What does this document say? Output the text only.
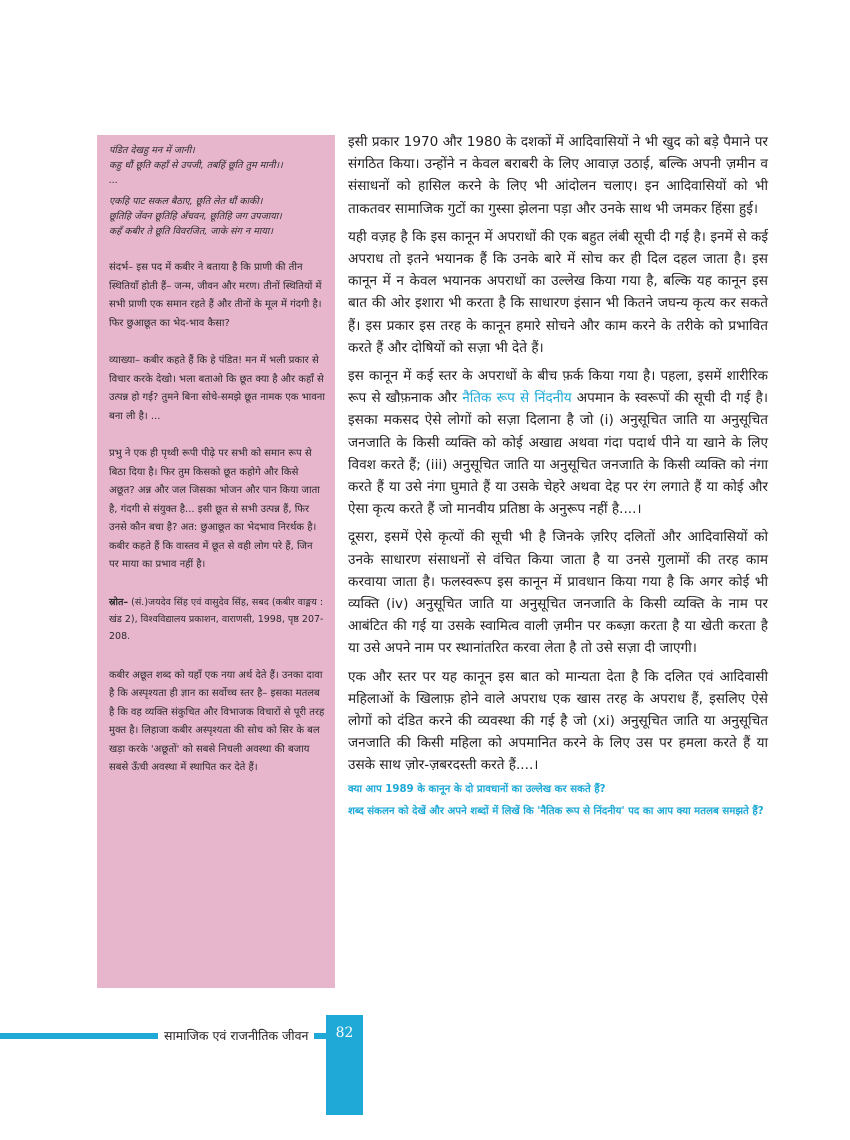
पंडित देखहु मन में जानी।

कहु धौं छूति कहाँ से उपजी, तबहिं छूति तुम मानी।।

...

एकहि पाट सकल बैठाए, छूति लेत धौं काकी।

छूतिहि जेंवन छूतिहि अँचवन, छूतिहि जग उपजाया।

कहँ कबीर ते छूति विवरजित, जाके संग न माया।

संदर्भ– इस पद में कबीर ने बताया है कि प्राणी की तीन स्थितियाँ होती हैं– जन्म, जीवन और मरण। तीनों स्थितियों में सभी प्राणी एक समान रहते हैं और तीनों के मूल में गंदगी है। फिर छुआछूत का भेद-भाव कैसा?

व्याख्या– कबीर कहते हैं कि हे पंडित! मन में भली प्रकार से विचार करके देखो। भला बताओ कि छूत क्या है और कहाँ से उत्पन्न हो गई? तुमने बिना सोचे-समझे छूत नामक एक भावना बना ली है। ...

प्रभु ने एक ही पृथ्वी रूपी पीढ़े पर सभी को समान रूप से बिठा दिया है। फिर तुम किसको छूत कहोगे और किसे अछूत? अन्न और जल जिसका भोजन और पान किया जाता है, गंदगी से संयुक्त है... इसी छूत से सभी उत्पन्न हैं, फिर उनसे कौन बचा है? अत: छुआछूत का भेदभाव निरर्थक है। कबीर कहते हैं कि वास्तव में छूत से वही लोग परे हैं, जिन पर माया का प्रभाव नहीं है।

स्रोत– (सं.)जयदेव सिंह एवं वासुदेव सिंह, सबद (कबीर वाङ्मय : खंड 2), विश्वविद्यालय प्रकाशन, वाराणसी, 1998, पृष्ठ 207-208.

कबीर अछूत शब्द को यहाँ एक नया अर्थ देते हैं। उनका दावा है कि अस्पृश्यता ही ज्ञान का सर्वोच्च स्तर है– इसका मतलब है कि वह व्यक्ति संकुचित और विभाजक विचारों से पूरी तरह मुक्त है। लिहाजा कबीर अस्पृश्यता की सोच को सिर के बल खड़ा करके 'अछूतों' को सबसे निचली अवस्था की बजाय सबसे ऊँची अवस्था में स्थापित कर देते हैं।

इसी प्रकार 1970 और 1980 के दशकों में आदिवासियों ने भी खुद को बड़े पैमाने पर संगठित किया। उन्होंने न केवल बराबरी के लिए आवाज़ उठाई, बल्कि अपनी ज़मीन व संसाधनों को हासिल करने के लिए भी आंदोलन चलाए। इन आदिवासियों को भी ताकतवर सामाजिक गुटों का गुस्सा झेलना पड़ा और उनके साथ भी जमकर हिंसा हुई।

यही वज़ह है कि इस कानून में अपराधों की एक बहुत लंबी सूची दी गई है। इनमें से कई अपराध तो इतने भयानक हैं कि उनके बारे में सोच कर ही दिल दहल जाता है। इस कानून में न केवल भयानक अपराधों का उल्लेख किया गया है, बल्कि यह कानून इस बात की ओर इशारा भी करता है कि साधारण इंसान भी कितने जघन्य कृत्य कर सकते हैं। इस प्रकार इस तरह के कानून हमारे सोचने और काम करने के तरीके को प्रभावित करते हैं और दोषियों को सज़ा भी देते हैं।

इस कानून में कई स्तर के अपराधों के बीच फ़र्क किया गया है। पहला, इसमें शारीरिक रूप से खौफ़नाक और नैतिक रूप से निंदनीय अपमान के स्वरूपों की सूची दी गई है। इसका मकसद ऐसे लोगों को सज़ा दिलाना है जो (i) अनुसूचित जाति या अनुसूचित जनजाति के किसी व्यक्ति को कोई अखाद्य अथवा गंदा पदार्थ पीने या खाने के लिए विवश करते हैं; (iii) अनुसूचित जाति या अनुसूचित जनजाति के किसी व्यक्ति को नंगा करते हैं या उसे नंगा घुमाते हैं या उसके चेहरे अथवा देह पर रंग लगाते हैं या कोई और ऐसा कृत्य करते हैं जो मानवीय प्रतिष्ठा के अनुरूप नहीं है....।

दूसरा, इसमें ऐसे कृत्यों की सूची भी है जिनके ज़रिए दलितों और आदिवासियों को उनके साधारण संसाधनों से वंचित किया जाता है या उनसे गुलामों की तरह काम करवाया जाता है। फलस्वरूप इस कानून में प्रावधान किया गया है कि अगर कोई भी व्यक्ति (iv) अनुसूचित जाति या अनुसूचित जनजाति के किसी व्यक्ति के नाम पर आबंटित की गई या उसके स्वामित्व वाली ज़मीन पर कब्ज़ा करता है या खेती करता है या उसे अपने नाम पर स्थानांतरित करवा लेता है तो उसे सज़ा दी जाएगी।

एक और स्तर पर यह कानून इस बात को मान्यता देता है कि दलित एवं आदिवासी महिलाओं के खिलाफ़ होने वाले अपराध एक खास तरह के अपराध हैं, इसलिए ऐसे लोगों को दंडित करने की व्यवस्था की गई है जो (xi) अनुसूचित जाति या अनुसूचित जनजाति की किसी महिला को अपमानित करने के लिए उस पर हमला करते हैं या उसके साथ ज़ोर-ज़बरदस्ती करते हैं....।

क्या आप 1989 के कानून के दो प्रावधानों का उल्लेख कर सकते हैं?
शब्द संकलन को देखें और अपने शब्दों में लिखें कि 'नैतिक रूप से निंदनीय' पद का आप क्या मतलब समझते हैं?
सामाजिक एवं राजनीतिक जीवन	82
